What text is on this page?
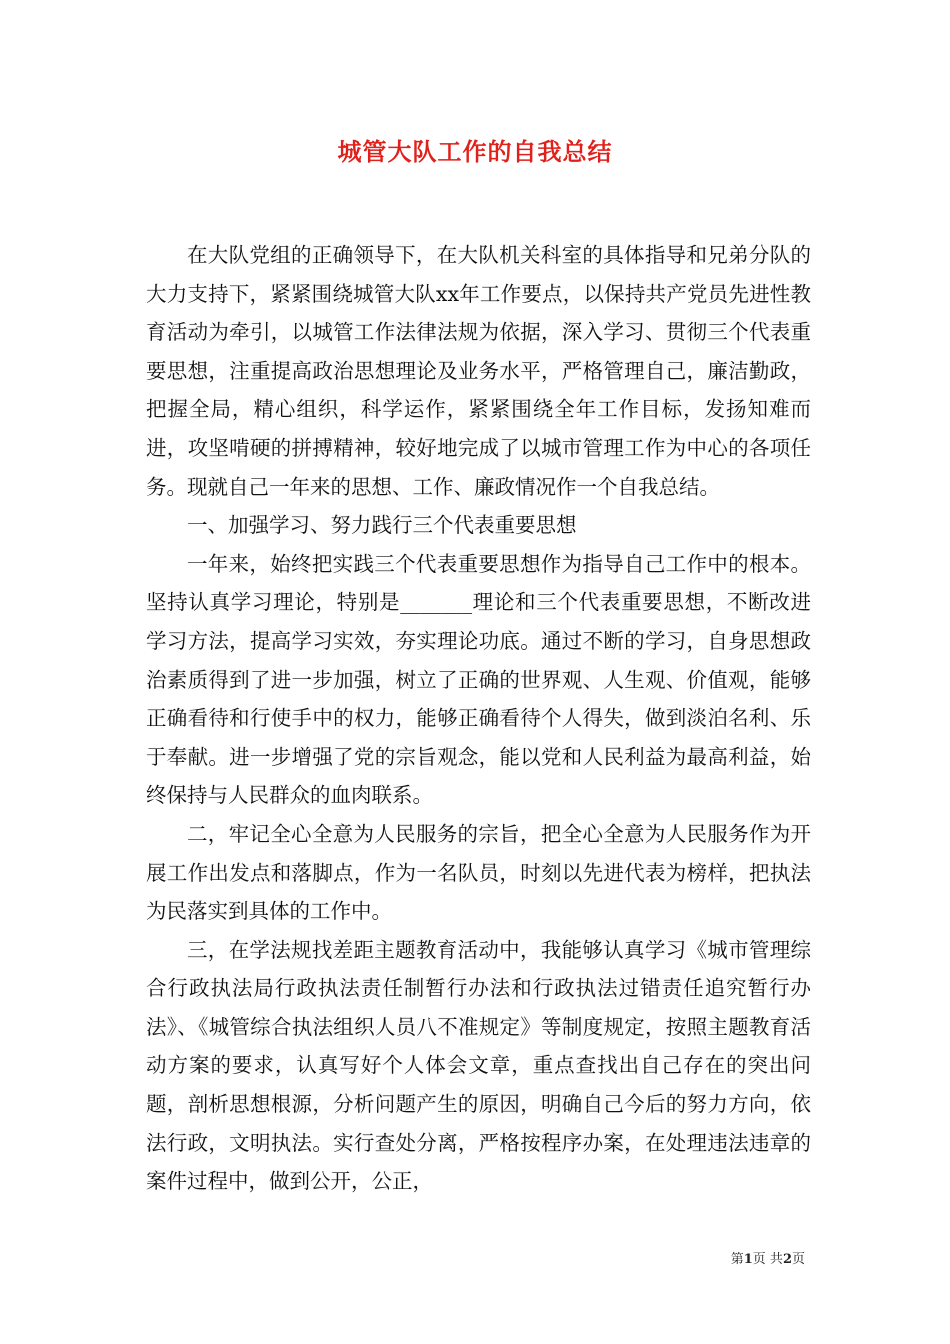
城管大队工作的自我总结

在大队党组的正确领导下，在大队机关科室的具体指导和兄弟分队的大力支持下，紧紧围绕城管大队xx年工作要点，以保持共产党员先进性教育活动为牵引，以城管工作法律法规为依据，深入学习、贯彻三个代表重要思想，注重提高政治思想理论及业务水平，严格管理自己，廉洁勤政，把握全局，精心组织，科学运作，紧紧围绕全年工作目标，发扬知难而进，攻坚啃硬的拼搏精神，较好地完成了以城市管理工作为中心的各项任务。现就自己一年来的思想、工作、廉政情况作一个自我总结。

一、加强学习、努力践行三个代表重要思想

一年来，始终把实践三个代表重要思想作为指导自己工作中的根本。坚持认真学习理论，特别是_______理论和三个代表重要思想，不断改进学习方法，提高学习实效，夯实理论功底。通过不断的学习，自身思想政治素质得到了进一步加强，树立了正确的世界观、人生观、价值观，能够正确看待和行使手中的权力，能够正确看待个人得失，做到淡泊名利、乐于奉献。进一步增强了党的宗旨观念，能以党和人民利益为最高利益，始终保持与人民群众的血肉联系。

二，牢记全心全意为人民服务的宗旨，把全心全意为人民服务作为开展工作出发点和落脚点，作为一名队员，时刻以先进代表为榜样，把执法为民落实到具体的工作中。

三，在学法规找差距主题教育活动中，我能够认真学习《城市管理综合行政执法局行政执法责任制暂行办法和行政执法过错责任追究暂行办法》、《城管综合执法组织人员八不准规定》等制度规定，按照主题教育活动方案的要求，认真写好个人体会文章，重点查找出自己存在的突出问题，剖析思想根源，分析问题产生的原因，明确自己今后的努力方向，依法行政，文明执法。实行查处分离，严格按程序办案，在处理违法违章的案件过程中，做到公开，公正，

第1页 共2页
